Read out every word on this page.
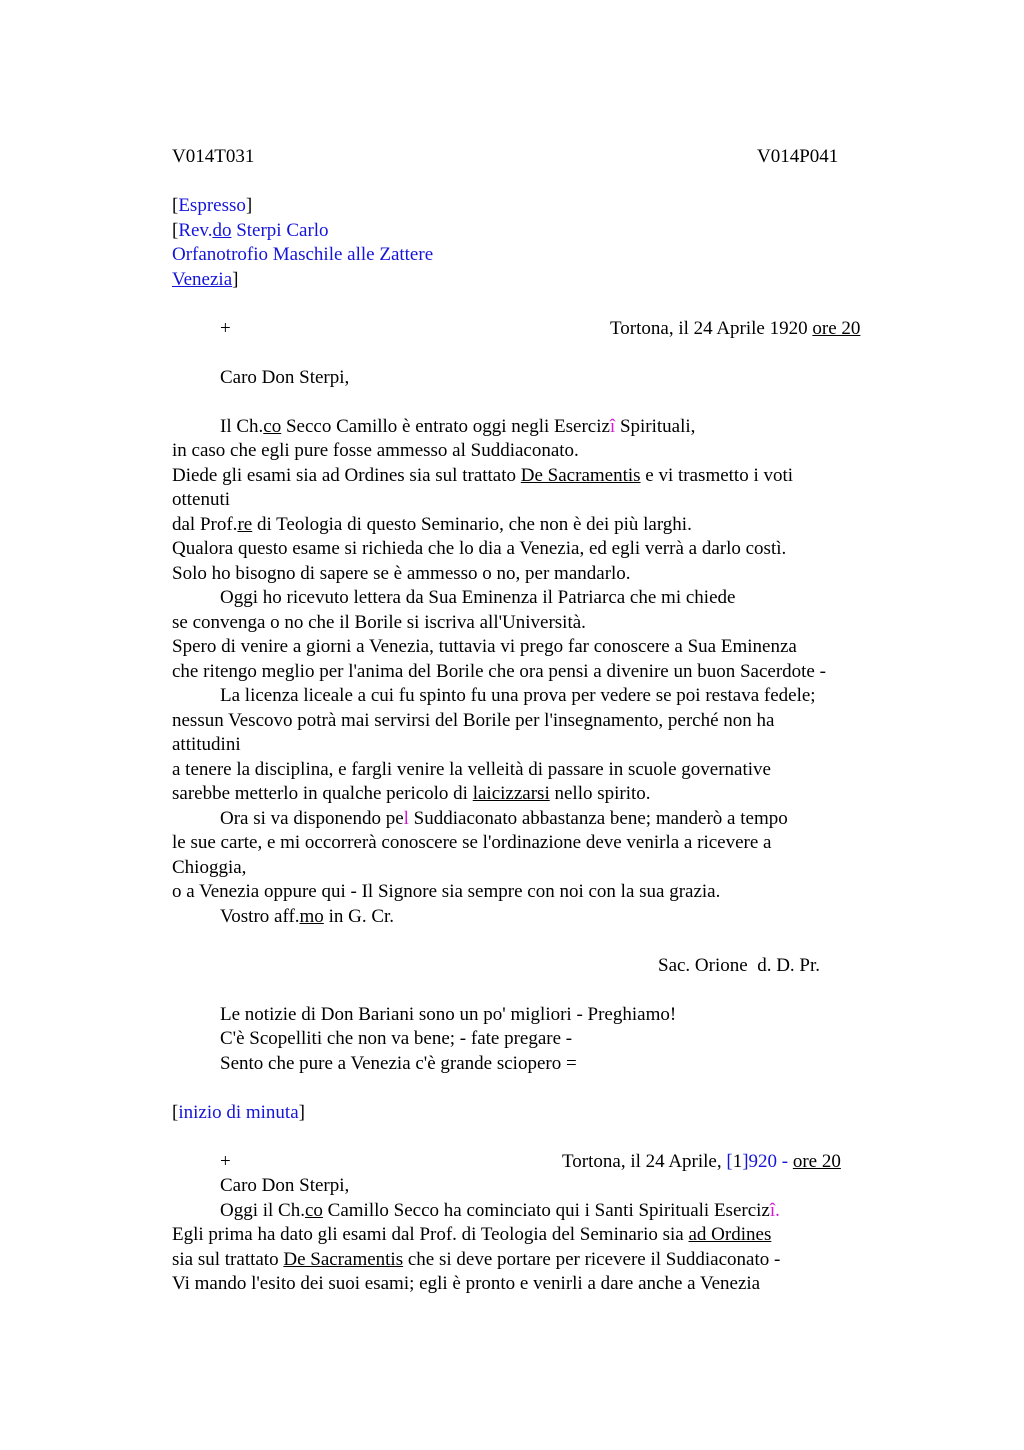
V014T031	V014P041
[Espresso]
[Rev.do Sterpi Carlo
Orfanotrofio Maschile alle Zattere
Venezia]
+	Tortona, il 24 Aprile 1920 ore 20
Caro Don Sterpi,
Il Ch.co Secco Camillo è entrato oggi negli Esercizî Spirituali,
in caso che egli pure fosse ammesso al Suddiaconato.
Diede gli esami sia ad Ordines sia sul trattato De Sacramentis e vi trasmetto i voti
ottenuti
dal Prof.re di Teologia di questo Seminario, che non è dei più larghi.
Qualora questo esame si richieda che lo dia a Venezia, ed egli verrà a darlo costì.
Solo ho bisogno di sapere se è ammesso o no, per mandarlo.
Oggi ho ricevuto lettera da Sua Eminenza il Patriarca che mi chiede
se convenga o no che il Borile si iscriva all'Università.
Spero di venire a giorni a Venezia, tuttavia vi prego far conoscere a Sua Eminenza
che ritengo meglio per l'anima del Borile che ora pensi a divenire un buon Sacerdote -
La licenza liceale a cui fu spinto fu una prova per vedere se poi restava fedele;
nessun Vescovo potrà mai servirsi del Borile per l'insegnamento, perché non ha
attitudini
a tenere la disciplina, e fargli venire la velleità di passare in scuole governative
sarebbe metterlo in qualche pericolo di laicizzarsi nello spirito.
Ora si va disponendo pel Suddiaconato abbastanza bene; manderò a tempo
le sue carte, e mi occorrerà conoscere se l'ordinazione deve venirla a ricevere a
Chioggia,
o a Venezia oppure qui - Il Signore sia sempre con noi con la sua grazia.
Vostro aff.mo in G. Cr.
Sac. Orione  d. D. Pr.
Le notizie di Don Bariani sono un po' migliori - Preghiamo!
C'è Scopelliti che non va bene; - fate pregare -
Sento che pure a Venezia c'è grande sciopero =
[inizio di minuta]
+	Tortona, il 24 Aprile, [1]920 - ore 20
Caro Don Sterpi,
Oggi il Ch.co Camillo Secco ha cominciato qui i Santi Spirituali Esercizî.
Egli prima ha dato gli esami dal Prof. di Teologia del Seminario sia ad Ordines
sia sul trattato De Sacramentis che si deve portare per ricevere il Suddiaconato -
Vi mando l'esito dei suoi esami; egli è pronto e venirli a dare anche a Venezia
